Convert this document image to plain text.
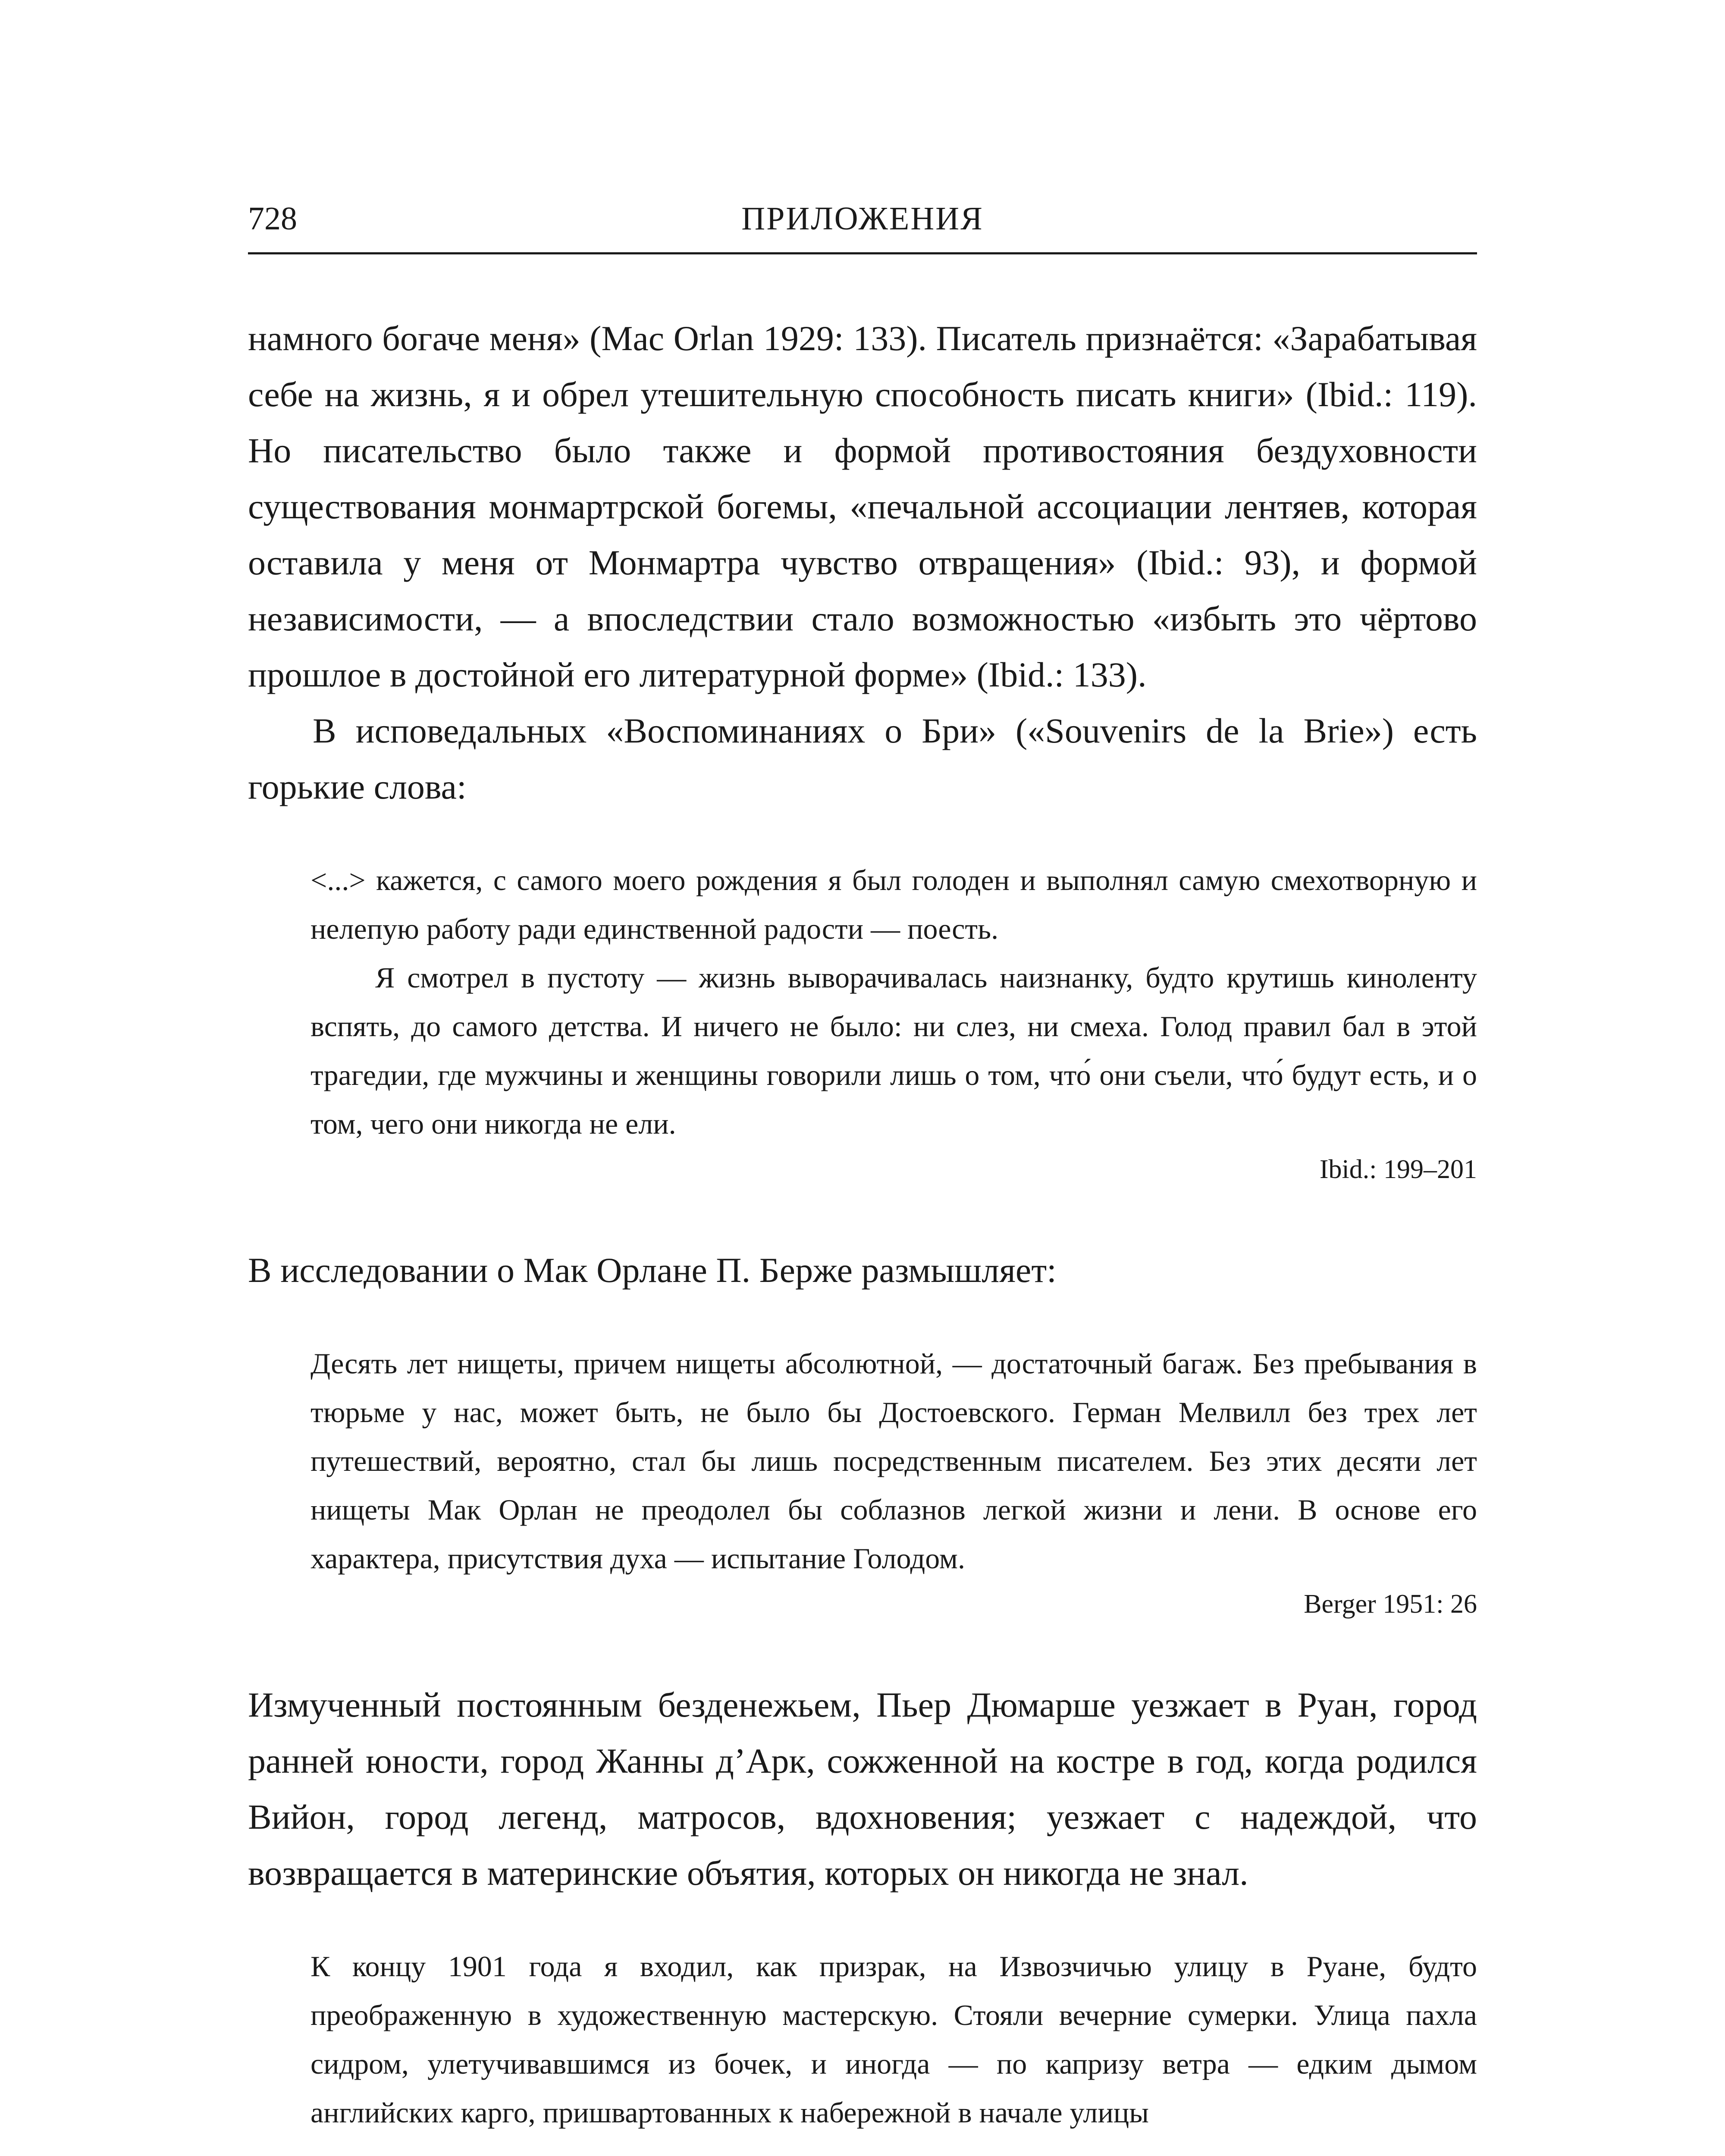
728	ПРИЛОЖЕНИЯ

намного богаче меня» (Mac Orlan 1929: 133). Писатель признаётся: «Зарабатывая себе на жизнь, я и обрел утешительную способность писать книги» (Ibid.: 119). Но писательство было также и формой противостояния бездуховности существования монмартрской богемы, «печальной ассоциации лентяев, которая оставила у меня от Монмартра чувство отвращения» (Ibid.: 93), и формой независимости, — а впоследствии стало возможностью «избыть это чёртово прошлое в достойной его литературной форме» (Ibid.: 133).

В исповедальных «Воспоминаниях о Бри» («Souvenirs de la Brie») есть горькие слова:

<...> кажется, с самого моего рождения я был голоден и выполнял самую смехотворную и нелепую работу ради единственной радости — поесть.

Я смотрел в пустоту — жизнь выворачивалась наизнанку, будто крутишь киноленту вспять, до самого детства. И ничего не было: ни слез, ни смеха. Голод правил бал в этой трагедии, где мужчины и женщины говорили лишь о том, что́ они съели, что́ будут есть, и о том, чего они никогда не ели.

Ibid.: 199–201

В исследовании о Мак Орлане П. Берже размышляет:

Десять лет нищеты, причем нищеты абсолютной, — достаточный багаж. Без пребывания в тюрьме у нас, может быть, не было бы Достоевского. Герман Мелвилл без трех лет путешествий, вероятно, стал бы лишь посредственным писателем. Без этих десяти лет нищеты Мак Орлан не преодолел бы соблазнов легкой жизни и лени. В основе его характера, присутствия духа — испытание Голодом.

Berger 1951: 26

Измученный постоянным безденежьем, Пьер Дюмарше уезжает в Руан, город ранней юности, город Жанны д’Арк, сожженной на костре в год, когда родился Вийон, город легенд, матросов, вдохновения; уезжает с надеждой, что возвращается в материнские объятия, которых он никогда не знал.

К концу 1901 года я входил, как призрак, на Извозчичью улицу в Руане, будто преображенную в художественную мастерскую. Стояли вечерние сумерки. Улица пахла сидром, улетучивавшимся из бочек, и иногда — по капризу ветра — едким дымом английских карго, пришвартованных к набережной в начале улицы
